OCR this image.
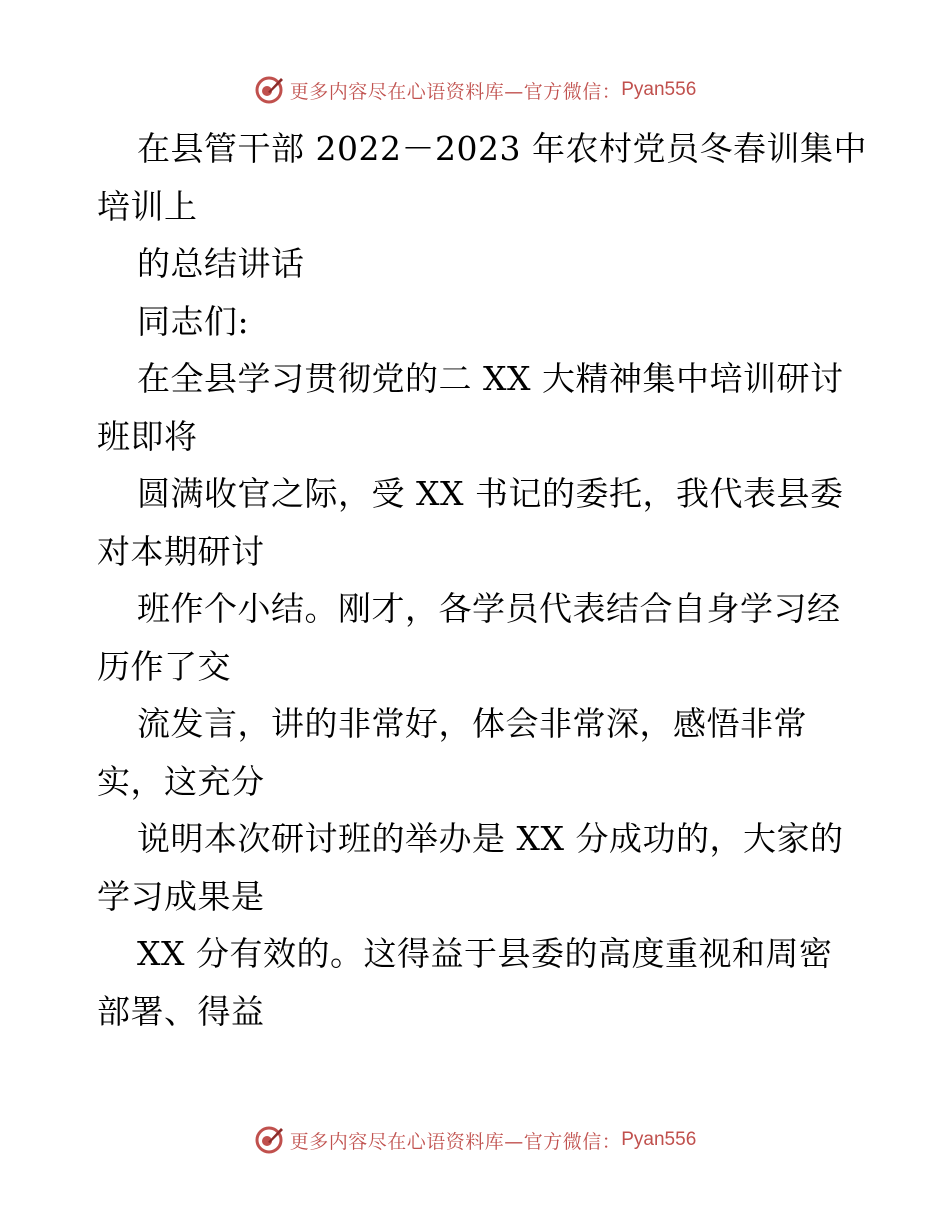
更多内容尽在心语资料库—官方微信： Pyan556
在县管干部 2022－2023 年农村党员冬春训集中
培训上
的总结讲话
同志们:
在全县学习贯彻党的二 XX 大精神集中培训研讨
班即将
圆满收官之际，受 XX 书记的委托，我代表县委
对本期研讨
班作个小结。刚才，各学员代表结合自身学习经
历作了交
流发言，讲的非常好，体会非常深，感悟非常
实，这充分
说明本次研讨班的举办是 XX 分成功的，大家的
学习成果是
XX 分有效的。这得益于县委的高度重视和周密
部署、得益
更多内容尽在心语资料库—官方微信： Pyan556
